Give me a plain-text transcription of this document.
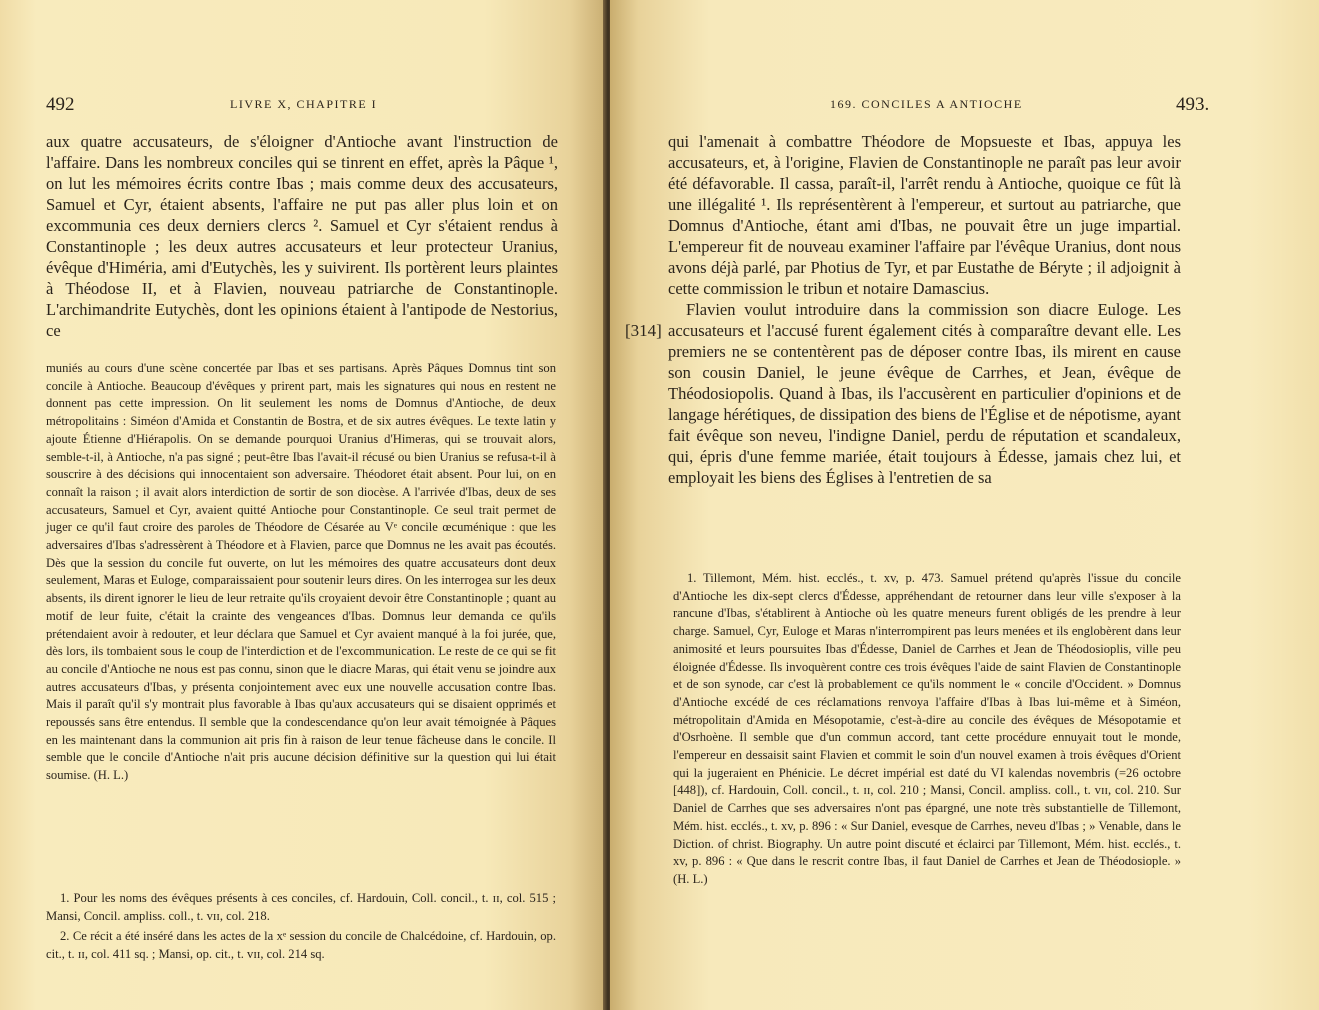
492	LIVRE X, CHAPITRE I

aux quatre accusateurs, de s'éloigner d'Antioche avant l'instruction de l'affaire. Dans les nombreux conciles qui se tinrent en effet, après la Pâque ¹, on lut les mémoires écrits contre Ibas ; mais comme deux des accusateurs, Samuel et Cyr, étaient absents, l'affaire ne put pas aller plus loin et on excommunia ces deux derniers clercs ². Samuel et Cyr s'étaient rendus à Constantinople ; les deux autres accusateurs et leur protecteur Uranius, évêque d'Himéria, ami d'Eutychès, les y suivirent. Ils portèrent leurs plaintes à Théodose II, et à Flavien, nouveau patriarche de Constantinople. L'archimandrite Eutychès, dont les opinions étaient à l'antipode de Nestorius, ce

muniés au cours d'une scène concertée par Ibas et ses partisans. Après Pâques Domnus tint son concile à Antioche. Beaucoup d'évêques y prirent part, mais les signatures qui nous en restent ne donnent pas cette impression. On lit seulement les noms de Domnus d'Antioche, de deux métropolitains : Siméon d'Amida et Constantin de Bostra, et de six autres évêques. Le texte latin y ajoute Étienne d'Hiérapolis. On se demande pourquoi Uranius d'Himeras, qui se trouvait alors, semble-t-il, à Antioche, n'a pas signé ; peut-être Ibas l'avait-il récusé ou bien Uranius se refusa-t-il à souscrire à des décisions qui innocentaient son adversaire. Théodoret était absent. Pour lui, on en connaît la raison ; il avait alors interdiction de sortir de son diocèse. A l'arrivée d'Ibas, deux de ses accusateurs, Samuel et Cyr, avaient quitté Antioche pour Constantinople. Ce seul trait permet de juger ce qu'il faut croire des paroles de Théodore de Césarée au Vᵉ concile œcuménique : que les adversaires d'Ibas s'adressèrent à Théodore et à Flavien, parce que Domnus ne les avait pas écoutés. Dès que la session du concile fut ouverte, on lut les mémoires des quatre accusateurs dont deux seulement, Maras et Euloge, comparaissaient pour soutenir leurs dires. On les interrogea sur les deux absents, ils dirent ignorer le lieu de leur retraite qu'ils croyaient devoir être Constantinople ; quant au motif de leur fuite, c'était la crainte des vengeances d'Ibas. Domnus leur demanda ce qu'ils prétendaient avoir à redouter, et leur déclara que Samuel et Cyr avaient manqué à la foi jurée, que, dès lors, ils tombaient sous le coup de l'interdiction et de l'excommunication. Le reste de ce qui se fit au concile d'Antioche ne nous est pas connu, sinon que le diacre Maras, qui était venu se joindre aux autres accusateurs d'Ibas, y présenta conjointement avec eux une nouvelle accusation contre Ibas. Mais il paraît qu'il s'y montrait plus favorable à Ibas qu'aux accusateurs qui se disaient opprimés et repoussés sans être entendus. Il semble que la condescendance qu'on leur avait témoignée à Pâques en les maintenant dans la communion ait pris fin à raison de leur tenue fâcheuse dans le concile. Il semble que le concile d'Antioche n'ait pris aucune décision définitive sur la question qui lui était soumise. (H. L.)

1. Pour les noms des évêques présents à ces conciles, cf. Hardouin, Coll. concil., t. ɪɪ, col. 515 ; Mansi, Concil. ampliss. coll., t. ᴠɪɪ, col. 218.

2. Ce récit a été inséré dans les actes de la xᵉ session du concile de Chalcédoine, cf. Hardouin, op. cit., t. ɪɪ, col. 411 sq. ; Mansi, op. cit., t. ᴠɪɪ, col. 214 sq.

169. CONCILES A ANTIOCHE	493.

qui l'amenait à combattre Théodore de Mopsueste et Ibas, appuya les accusateurs, et, à l'origine, Flavien de Constantinople ne paraît pas leur avoir été défavorable. Il cassa, paraît-il, l'arrêt rendu à Antioche, quoique ce fût là une illégalité ¹. Ils représentèrent à l'empereur, et surtout au patriarche, que Domnus d'Antioche, étant ami d'Ibas, ne pouvait être un juge impartial. L'empereur fit de nouveau examiner l'affaire par l'évêque Uranius, dont nous avons déjà parlé, par Photius de Tyr, et par Eustathe de Béryte ; il adjoignit à cette commission le tribun et notaire Damascius.

Flavien voulut introduire dans la commission son diacre Euloge. Les accusateurs et l'accusé furent également cités à comparaître devant elle. Les premiers ne se contentèrent pas de déposer contre Ibas, ils mirent en cause son cousin Daniel, le jeune évêque de Carrhes, et Jean, évêque de Théodosiopolis. Quand à Ibas, ils l'accusèrent en particulier d'opinions et de langage hérétiques, de dissipation des biens de l'Église et de népotisme, ayant fait évêque son neveu, l'indigne Daniel, perdu de réputation et scandaleux, qui, épris d'une femme mariée, était toujours à Édesse, jamais chez lui, et employait les biens des Églises à l'entretien de sa

1. Tillemont, Mém. hist. ecclés., t. xv, p. 473. Samuel prétend qu'après l'issue du concile d'Antioche les dix-sept clercs d'Édesse, appréhendant de retourner dans leur ville s'exposer à la rancune d'Ibas, s'établirent à Antioche où les quatre meneurs furent obligés de les prendre à leur charge. Samuel, Cyr, Euloge et Maras n'interrompirent pas leurs menées et ils englobèrent dans leur animosité et leurs poursuites Ibas d'Édesse, Daniel de Carrhes et Jean de Théodosioplis, ville peu éloignée d'Édesse. Ils invoquèrent contre ces trois évêques l'aide de saint Flavien de Constantinople et de son synode, car c'est là probablement ce qu'ils nomment le « concile d'Occident. » Domnus d'Antioche excédé de ces réclamations renvoya l'affaire d'Ibas à Ibas lui-même et à Siméon, métropolitain d'Amida en Mésopotamie, c'est-à-dire au concile des évêques de Mésopotamie et d'Osrhoène. Il semble que d'un commun accord, tant cette procédure ennuyait tout le monde, l'empereur en dessaisit saint Flavien et commit le soin d'un nouvel examen à trois évêques d'Orient qui la jugeraient en Phénicie. Le décret impérial est daté du VI kalendas novembris (=26 octobre [448]), cf. Hardouin, Coll. concil., t. ɪɪ, col. 210 ; Mansi, Concil. ampliss. coll., t. ᴠɪɪ, col. 210. Sur Daniel de Carrhes que ses adversaires n'ont pas épargné, une note très substantielle de Tillemont, Mém. hist. ecclés., t. xv, p. 896 : « Sur Daniel, evesque de Carrhes, neveu d'Ibas ; » Venable, dans le Diction. of christ. Biography. Un autre point discuté et éclairci par Tillemont, Mém. hist. ecclés., t. xv, p. 896 : « Que dans le rescrit contre Ibas, il faut Daniel de Carrhes et Jean de Théodosiople. » (H. L.)

[314]
